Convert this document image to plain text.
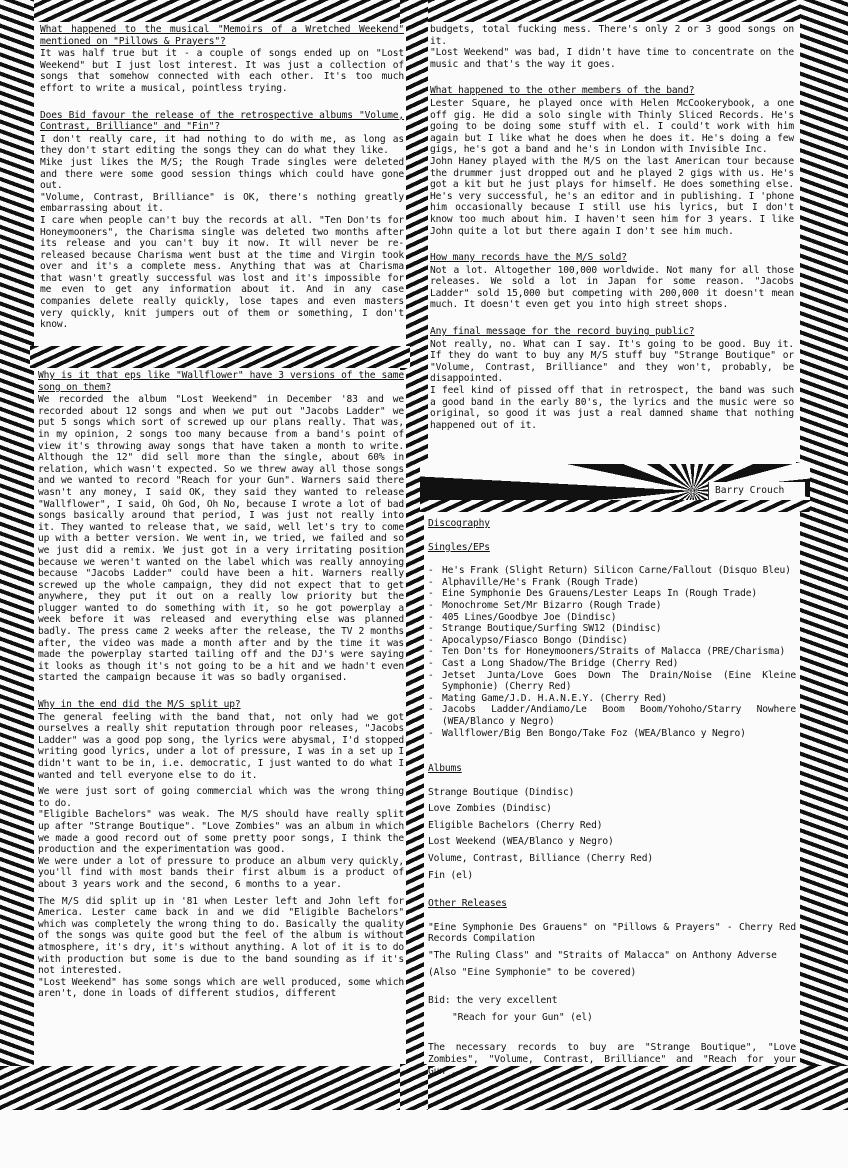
What happened to the musical "Memoirs of a Wretched Weekend" mentioned on "Pillows & Prayers"?

It was half true but it - a couple of songs ended up on "Lost Weekend" but I just lost interest. It was just a collection of songs that somehow connected with each other. It's too much effort to write a musical, pointless trying.

Does Bid favour the release of the retrospective albums "Volume, Contrast, Brilliance" and "Fin"?

I don't really care, it had nothing to do with me, as long as they don't start editing the songs they can do what they like.

Mike just likes the M/S; the Rough Trade singles were deleted and there were some good session things which could have gone out.

"Volume, Contrast, Brilliance" is OK, there's nothing greatly embarrassing about it.

I care when people can't buy the records at all. "Ten Don'ts for Honeymooners", the Charisma single was deleted two months after its release and you can't buy it now. It will never be re-released because Charisma went bust at the time and Virgin took over and it's a complete mess. Anything that was at Charisma that wasn't greatly successful was lost and it's impossible for me even to get any information about it. And in any case companies delete really quickly, lose tapes and even masters very quickly, knit jumpers out of them or something, I don't know.

Why is it that eps like "Wallflower" have 3 versions of the same song on them?

We recorded the album "Lost Weekend" in December '83 and we recorded about 12 songs and when we put out "Jacobs Ladder" we put 5 songs which sort of screwed up our plans really. That was, in my opinion, 2 songs too many because from a band's point of view it's throwing away songs that have taken a month to write. Although the 12" did sell more than the single, about 60% in relation, which wasn't expected. So we threw away all those songs and we wanted to record "Reach for your Gun". Warners said there wasn't any money, I said OK, they said they wanted to release "Wallflower", I said, Oh God, Oh No, because I wrote a lot of bad songs basically around that period, I was just not really into it. They wanted to release that, we said, well let's try to come up with a better version. We went in, we tried, we failed and so we just did a remix. We just got in a very irritating position because we weren't wanted on the label which was really annoying because "Jacobs Ladder" could have been a hit. Warners really screwed up the whole campaign, they did not expect that to get anywhere, they put it out on a really low priority but the plugger wanted to do something with it, so he got powerplay a week before it was released and everything else was planned badly. The press came 2 weeks after the release, the TV 2 months after, the video was made a month after and by the time it was made the powerplay started tailing off and the DJ's were saying it looks as though it's not going to be a hit and we hadn't even started the campaign because it was so badly organised.

Why in the end did the M/S split up?

The general feeling with the band that, not only had we got ourselves a really shit reputation through poor releases, "Jacobs Ladder" was a good pop song, the lyrics were abysmal, I'd stopped writing good lyrics, under a lot of pressure, I was in a set up I didn't want to be in, i.e. democratic, I just wanted to do what I wanted and tell everyone else to do it.

We were just sort of going commercial which was the wrong thing to do.

"Eligible Bachelors" was weak. The M/S should have really split up after "Strange Boutique". "Love Zombies" was an album in which we made a good record out of some pretty poor songs, I think the production and the experimentation was good.

We were under a lot of pressure to produce an album very quickly, you'll find with most bands their first album is a product of about 3 years work and the second, 6 months to a year.

The M/S did split up in '81 when Lester left and John left for America. Lester came back in and we did "Eligible Bachelors" which was completely the wrong thing to do. Basically the quality of the songs was quite good but the feel of the album is without atmosphere, it's dry, it's without anything. A lot of it is to do with production but some is due to the band sounding as if it's not interested.

"Lost Weekend" has some songs which are well produced, some which aren't, done in loads of different studios, different

budgets, total fucking mess. There's only 2 or 3 good songs on it.

"Lost Weekend" was bad, I didn't have time to concentrate on the music and that's the way it goes.

What happened to the other members of the band?

Lester Square, he played once with Helen McCookerybook, a one off gig. He did a solo single with Thinly Sliced Records. He's going to be doing some stuff with el. I could't work with him again but I like what he does when he does it. He's doing a few gigs, he's got a band and he's in London with Invisible Inc.

John Haney played with the M/S on the last American tour because the drummer just dropped out and he played 2 gigs with us. He's got a kit but he just plays for himself. He does something else. He's very successful, he's an editor and in publishing. I 'phone him occasionally because I still use his lyrics, but I don't know too much about him. I haven't seen him for 3 years. I like John quite a lot but there again I don't see him much.

How many records have the M/S sold?

Not a lot. Altogether 100,000 worldwide. Not many for all those releases. We sold a lot in Japan for some reason. "Jacobs Ladder" sold 15,000 but competing with 200,000 it doesn't mean much. It doesn't even get you into high street shops.

Any final message for the record buying public?

Not really, no. What can I say. It's going to be good. Buy it. If they do want to buy any M/S stuff buy "Strange Boutique" or "Volume, Contrast, Brilliance" and they won't, probably, be disappointed.

I feel kind of pissed off that in retrospect, the band was such a good band in the early 80's, the lyrics and the music were so original, so good it was just a real damned shame that nothing happened out of it.

Barry Crouch

Discography

Singles/EPs

- He's Frank (Slight Return) Silicon Carne/Fallout (Disquo Bleu)
- Alphaville/He's Frank (Rough Trade)
- Eine Symphonie Des Grauens/Lester Leaps In (Rough Trade)
- Monochrome Set/Mr Bizarro (Rough Trade)
- 405 Lines/Goodbye Joe (Dindisc)
- Strange Boutique/Surfing SW12 (Dindisc)
- Apocalypso/Fiasco Bongo (Dindisc)
- Ten Don'ts for Honeymooners/Straits of Malacca (PRE/Charisma)
- Cast a Long Shadow/The Bridge (Cherry Red)
- Jetset Junta/Love Goes Down The Drain/Noise (Eine Kleine Symphonie) (Cherry Red)
- Mating Game/J.D. H.A.N.E.Y. (Cherry Red)
- Jacobs Ladder/Andiamo/Le Boom Boom/Yohoho/Starry Nowhere (WEA/Blanco y Negro)
- Wallflower/Big Ben Bongo/Take Foz (WEA/Blanco y Negro)

Albums

Strange Boutique (Dindisc)

Love Zombies (Dindisc)

Eligible Bachelors (Cherry Red)

Lost Weekend (WEA/Blanco y Negro)

Volume, Contrast, Billiance (Cherry Red)

Fin (el)

Other Releases

"Eine Symphonie Des Grauens" on "Pillows & Prayers" - Cherry Red Records Compilation

"The Ruling Class" and "Straits of Malacca" on Anthony Adverse

(Also "Eine Symphonie" to be covered)

Bid: the very excellent

"Reach for your Gun" (el)

The necessary records to buy are "Strange Boutique", "Love Zombies", "Volume, Contrast, Brilliance" and "Reach for your Gun".
